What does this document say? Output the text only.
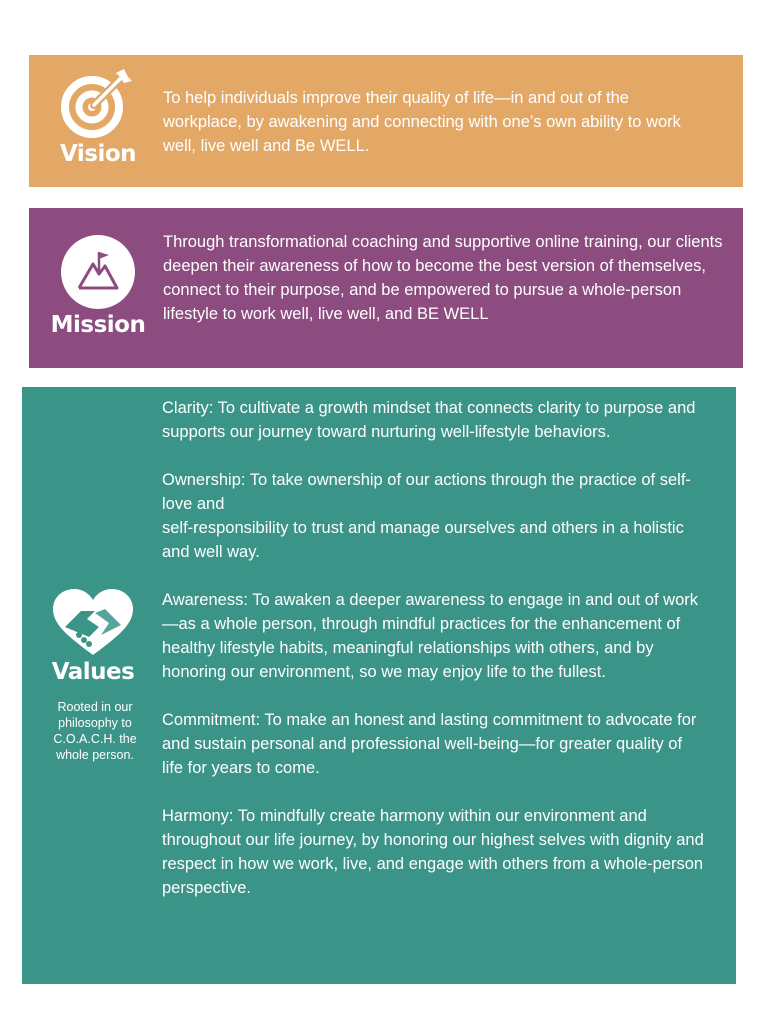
Vision

To help individuals improve their quality of life—in and out of the workplace, by awakening and connecting with one’s own ability to work well, live well and Be WELL.

Mission

Through transformational coaching and supportive online training, our clients deepen their awareness of how to become the best version of themselves, connect to their purpose, and be empowered to pursue a whole-person lifestyle to work well, live well, and BE WELL

Values
Rooted in our philosophy to C.O.A.C.H. the whole person.

Clarity: To cultivate a growth mindset that connects clarity to purpose and supports our journey toward nurturing well-lifestyle behaviors.

Ownership: To take ownership of our actions through the practice of self-love and
self-responsibility to trust and manage ourselves and others in a holistic and well way.

Awareness: To awaken a deeper awareness to engage in and out of work—as a whole person, through mindful practices for the enhancement of healthy lifestyle habits, meaningful relationships with others, and by honoring our environment, so we may enjoy life to the fullest.

Commitment: To make an honest and lasting commitment to advocate for and sustain personal and professional well-being—for greater quality of life for years to come.

Harmony: To mindfully create harmony within our environment and throughout our life journey, by honoring our highest selves with dignity and respect in how we work, live, and engage with others from a whole-person perspective.
